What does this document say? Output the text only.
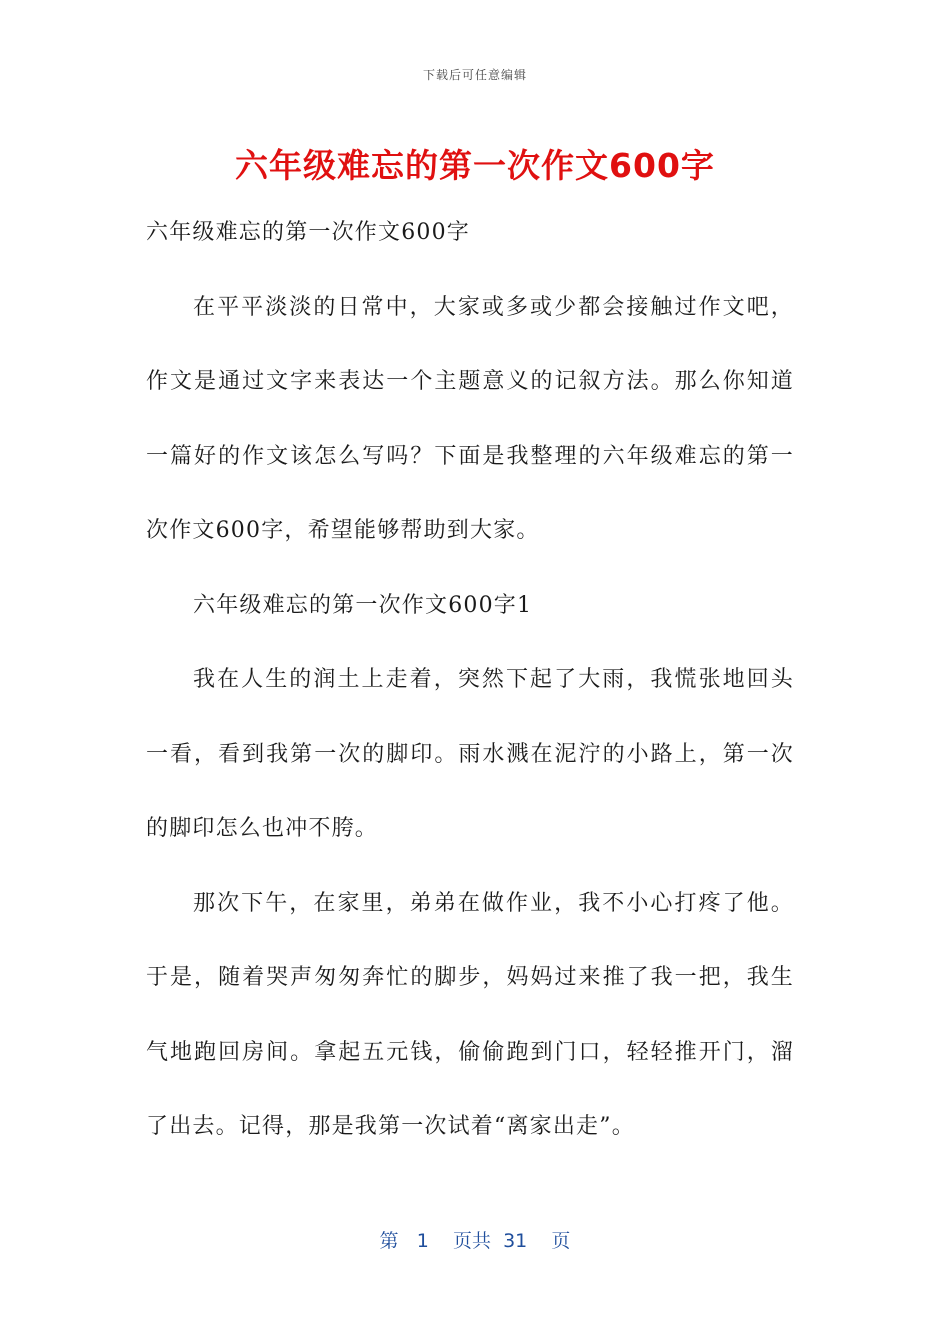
下载后可任意编辑
六年级难忘的第一次作文600字

六年级难忘的第一次作文600字

在平平淡淡的日常中，大家或多或少都会接触过作文吧，作文是通过文字来表达一个主题意义的记叙方法。那么你知道一篇好的作文该怎么写吗？下面是我整理的六年级难忘的第一次作文600字，希望能够帮助到大家。

六年级难忘的第一次作文600字1

我在人生的润土上走着，突然下起了大雨，我慌张地回头一看，看到我第一次的脚印。雨水溅在泥泞的小路上，第一次的脚印怎么也冲不胯。

那次下午，在家里，弟弟在做作业，我不小心打疼了他。于是，随着哭声匆匆奔忙的脚步，妈妈过来推了我一把，我生气地跑回房间。拿起五元钱，偷偷跑到门口，轻轻推开门，溜了出去。记得，那是我第一次试着“离家出走”。

第 1 页共 31 页
